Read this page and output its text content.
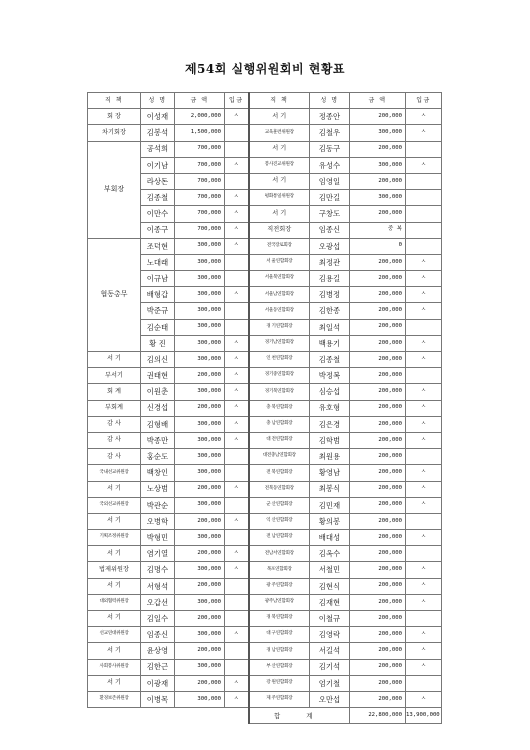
제54회 실행위원회비 현황표
직 책	성 명	금 액	입금	직 책	성 명	금 액	입금
회 장	이성재	2,000,000	ㅅ	서 기	정종안	200,000	ㅅ
차기회장	김봉석	1,500,000		교육훈련위원장	김철우	300,000	ㅅ
부회장	공석희	700,000		서 기	김동구	200,000	
	이기남	700,000	ㅅ	봉사진교위원장	유성수	300,000	ㅅ
	라상돈	700,000		서 기	임영일	200,000	
	김종철	700,000	ㅅ	평화통일위원장	김만길	300,000	
	이만수	700,000	ㅅ	서 기	구창도	200,000	
	이종구	700,000	ㅅ	직전회장	임종신	중 복	
협동총무	조덕현	300,000	ㅅ	전국장로회장	오광섭	0	
	노대래	300,000		서 울연합회장	최정관	200,000	ㅅ
	이규남	300,000		서울북연합회장	김용길	200,000	ㅅ
	배형갑	300,000	ㅅ	서울남연합회장	김병정	200,000	ㅅ
	박준규	300,000		서울동연합회장	김한종	200,000	ㅅ
	김순태	300,000		경 기연합회장	최일석	200,000	
	황 진	300,000	ㅅ	경기남연합회장	백용기	200,000	ㅅ
서 기	김의신	300,000	ㅅ	인 천연합회장	김종철	200,000	ㅅ
부서기	권태현	200,000	ㅅ	경기중연합회장	박정복	200,000	
회 계	이원춘	300,000	ㅅ	경기북연합회장	심승섭	200,000	ㅅ
부회계	신경섭	200,000	ㅅ	충 북연합회장	유호형	200,000	ㅅ
감 사	김형배	300,000	ㅅ	충 남연합회장	김은경	200,000	ㅅ
감 사	박종만	300,000	ㅅ	대 전연합회장	김학범	200,000	ㅅ
감 사	홍순도	300,000		대전충남연합회장	최원용	200,000	
국내선교위원장	백창인	300,000		전 북연합회장	황영남	200,000	ㅅ
서 기	노상범	200,000	ㅅ	전북동연합회장	최봉식	200,000	ㅅ
국외선교위원장	박관순	300,000		군 산연합회장	김민재	200,000	ㅅ
서 기	오병학	200,000	ㅅ	익 산연합회장	황의봉	200,000	
기획조정위원장	박형민	300,000		전 남연합회장	배대성	200,000	ㅅ
서 기	염기열	200,000	ㅅ	전남서연합회장	김옥수	200,000	
법제위원장	김명수	300,000	ㅅ	목포연합회장	서철민	200,000	ㅅ
서 기	서형석	200,000		광 주연합회장	김현식	200,000	ㅅ
대외협력위원장	오갑선	300,000		광주남연합회장	김재현	200,000	ㅅ
서 기	김일수	200,000		경 북연합회장	이철규	200,000	
선교연대위원장	임종신	300,000	ㅅ	대 구연합회장	김영락	200,000	ㅅ
서 기	윤상영	200,000		경 남연합회장	서길석	200,000	ㅅ
사회봉사위원장	김한근	300,000		부 산연합회장	김기석	200,000	ㅅ
서 기	이광재	200,000	ㅅ	강 원연합회장	엄기철	200,000	
환경보존위원장	이병목	300,000	ㅅ	제 주연합회장	오만섭	200,000	ㅅ
				합 계		22,800,000	13,900,000
